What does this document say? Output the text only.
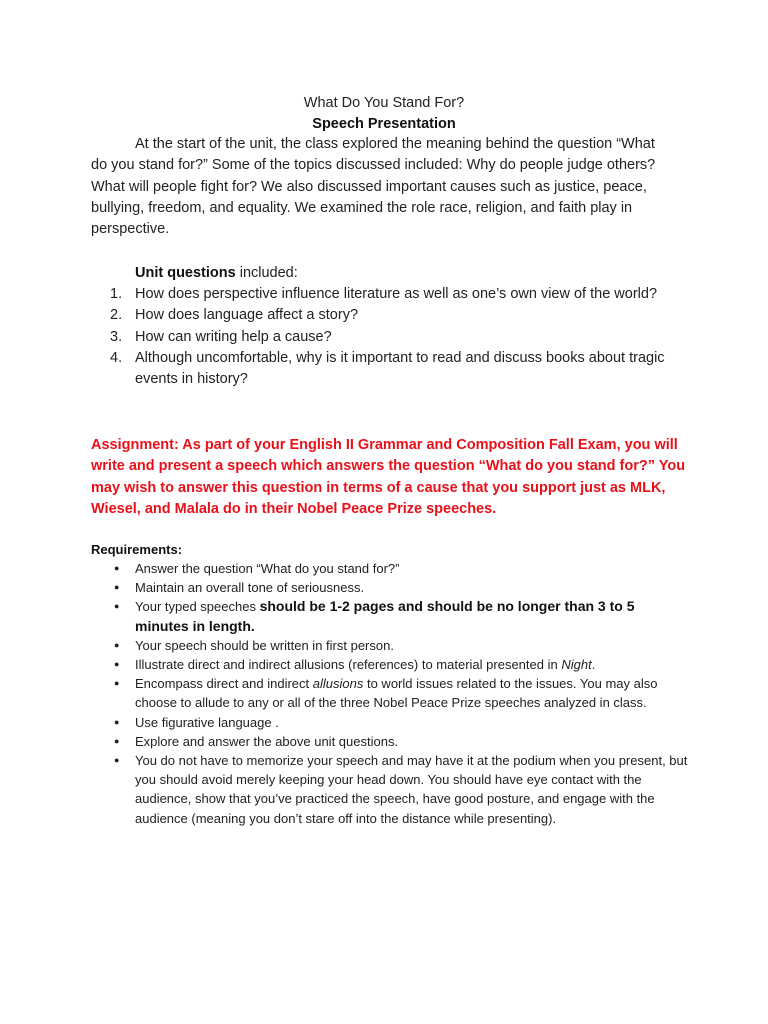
What Do You Stand For?
Speech Presentation

At the start of the unit, the class explored the meaning behind the question “What do you stand for?” Some of the topics discussed included: Why do people judge others? What will people fight for? We also discussed important causes such as justice, peace, bullying, freedom, and equality. We examined the role race, religion, and faith play in perspective.

Unit questions included:

1. How does perspective influence literature as well as one’s own view of the world?
2. How does language affect a story?
3. How can writing help a cause?
4. Although uncomfortable, why is it important to read and discuss books about tragic events in history?

Assignment: As part of your English II Grammar and Composition Fall Exam, you will write and present a speech which answers the question “What do you stand for?” You may wish to answer this question in terms of a cause that you support just as MLK, Wiesel, and Malala do in their Nobel Peace Prize speeches.

Requirements:

● Answer the question “What do you stand for?”
● Maintain an overall tone of seriousness.
● Your typed speeches should be 1-2 pages and should be no longer than 3 to 5 minutes in length.
● Your speech should be written in first person.
● Illustrate direct and indirect allusions (references) to material presented in Night.
● Encompass direct and indirect allusions to world issues related to the issues. You may also choose to allude to any or all of the three Nobel Peace Prize speeches analyzed in class.
● Use figurative language .
● Explore and answer the above unit questions.
● You do not have to memorize your speech and may have it at the podium when you present, but you should avoid merely keeping your head down. You should have eye contact with the audience, show that you’ve practiced the speech, have good posture, and engage with the audience (meaning you don’t stare off into the distance while presenting).
